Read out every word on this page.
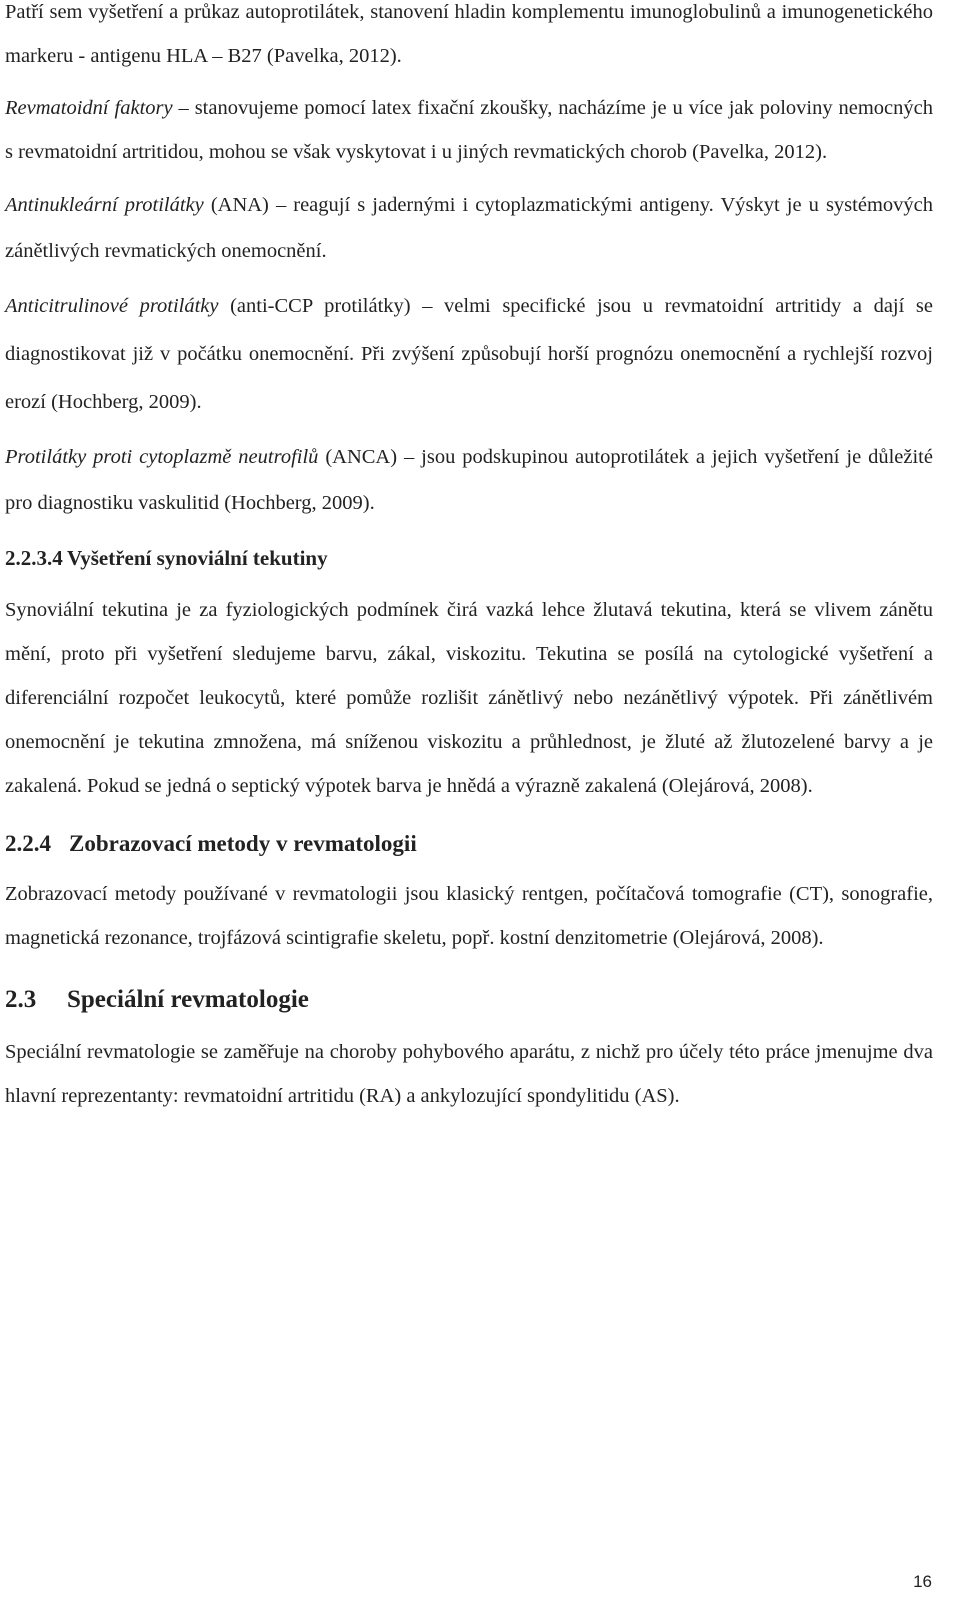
Patří sem vyšetření a průkaz autoprotilátek, stanovení hladin komplementu imunoglobulinů a imunogenetického markeru - antigenu HLA – B27 (Pavelka, 2012).

Revmatoidní faktory – stanovujeme pomocí latex fixační zkoušky, nacházíme je u více jak poloviny nemocných s revmatoidní artritidou, mohou se však vyskytovat i u jiných revmatických chorob (Pavelka, 2012).

Antinukleární protilátky (ANA) – reagují s jadernými i cytoplazmatickými antigeny. Výskyt je u systémových zánětlivých revmatických onemocnění.

Anticitrulinové protilátky (anti-CCP protilátky) – velmi specifické jsou u revmatoidní artritidy a dají se diagnostikovat již v počátku onemocnění. Při zvýšení způsobují horší prognózu onemocnění a rychlejší rozvoj erozí (Hochberg, 2009).

Protilátky proti cytoplazmě neutrofilů (ANCA) – jsou podskupinou autoprotilátek a jejich vyšetření je důležité pro diagnostiku vaskulitid (Hochberg, 2009).

2.2.3.4 Vyšetření synoviální tekutiny

Synoviální tekutina je za fyziologických podmínek čirá vazká lehce žlutavá tekutina, která se vlivem zánětu mění, proto při vyšetření sledujeme barvu, zákal, viskozitu. Tekutina se posílá na cytologické vyšetření a diferenciální rozpočet leukocytů, které pomůže rozlišit zánětlivý nebo nezánětlivý výpotek. Při zánětlivém onemocnění je tekutina zmnožena, má sníženou viskozitu a průhlednost, je žluté až žlutozelené barvy a je zakalená. Pokud se jedná o septický výpotek barva je hnědá a výrazně zakalená (Olejárová, 2008).

2.2.4 Zobrazovací metody v revmatologii

Zobrazovací metody používané v revmatologii jsou klasický rentgen, počítačová tomografie (CT), sonografie, magnetická rezonance, trojfázová scintigrafie skeletu, popř. kostní denzitometrie (Olejárová, 2008).

2.3 Speciální revmatologie

Speciální revmatologie se zaměřuje na choroby pohybového aparátu, z nichž pro účely této práce jmenujme dva hlavní reprezentanty: revmatoidní artritidu (RA) a ankylozující spondylitidu (AS).

16
